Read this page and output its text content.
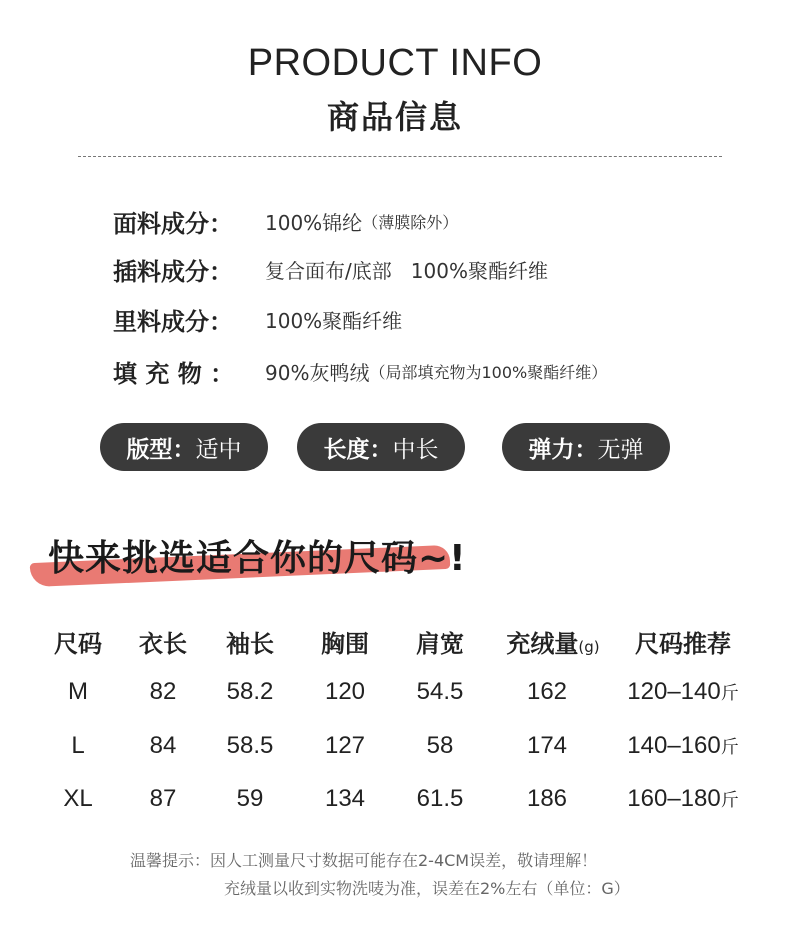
PRODUCT INFO
商品信息
面料成分：	100%锦纶 （薄膜除外）
插料成分：	复合面布/底部   100%聚酯纤维
里料成分：	100%聚酯纤维
填 充 物 ：	90%灰鸭绒 （局部填充物为100%聚酯纤维）
版型： 适中	长度： 中长	弹力： 无弹
快来挑选适合你的尺码~!
尺码 衣长 袖长 胸围 肩宽 充绒量(g) 尺码推荐
M	82 58.2 120 54.5	162	120–140斤
L	84 58.5 127	58	174	140–160斤
XL 87	59	134 61.5	186	160–180斤
温馨提示：因人工测量尺寸数据可能存在2-4CM误差，敬请理解！
充绒量以收到实物洗唛为准，误差在2%左右（单位：G）
